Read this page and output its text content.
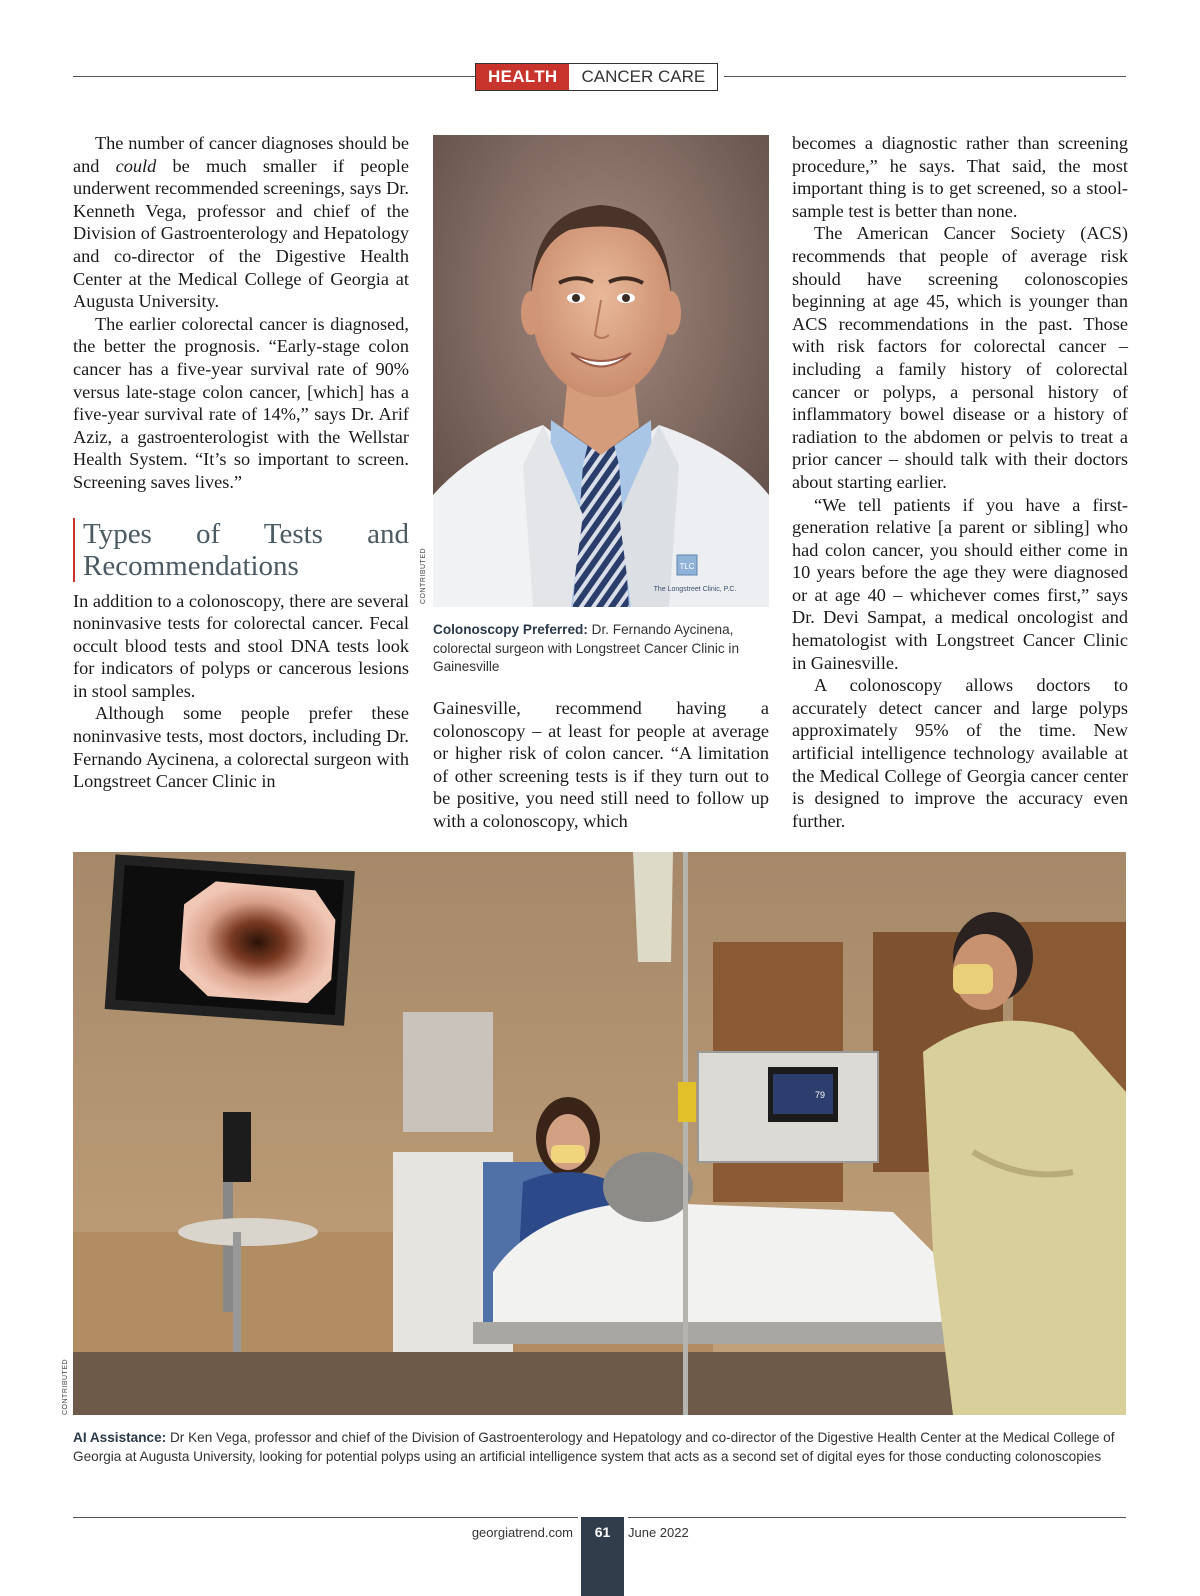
HEALTH	CANCER CARE

The number of cancer diagnoses should be and could be much smaller if people underwent recommended screenings, says Dr. Kenneth Vega, professor and chief of the Division of Gastroenterology and Hepatology and co-director of the Digestive Health Center at the Medical College of Georgia at Augusta University.

The earlier colorectal cancer is diagnosed, the better the prognosis. “Early-stage colon cancer has a five-year survival rate of 90% versus late-stage colon cancer, [which] has a five-year survival rate of 14%,” says Dr. Arif Aziz, a gastroenterologist with the Wellstar Health System. “It’s so important to screen. Screening saves lives.”

Types of Tests and Recommendations

In addition to a colonoscopy, there are several noninvasive tests for colorectal cancer. Fecal occult blood tests and stool DNA tests look for indicators of polyps or cancerous lesions in stool samples.

Although some people prefer these noninvasive tests, most doctors, including Dr. Fernando Aycinena, a colorectal surgeon with Longstreet Cancer Clinic in

TLC
The Longstreet Clinic, P.C.
CONTRIBUTED
Colonoscopy Preferred: Dr. Fernando Aycinena, colorectal surgeon with Longstreet Cancer Clinic in Gainesville

Gainesville, recommend having a colonoscopy – at least for people at average or higher risk of colon cancer. “A limitation of other screening tests is if they turn out to be positive, you need still need to follow up with a colonoscopy, which

becomes a diagnostic rather than screening procedure,” he says. That said, the most important thing is to get screened, so a stool-sample test is better than none.

The American Cancer Society (ACS) recommends that people of average risk should have screening colonoscopies beginning at age 45, which is younger than ACS recommendations in the past. Those with risk factors for colorectal cancer – including a family history of colorectal cancer or polyps, a personal history of inflammatory bowel disease or a history of radiation to the abdomen or pelvis to treat a prior cancer – should talk with their doctors about starting earlier.

“We tell patients if you have a first-generation relative [a parent or sibling] who had colon cancer, you should either come in 10 years before the age they were diagnosed or at age 40 – whichever comes first,” says Dr. Devi Sampat, a medical oncologist and hematologist with Longstreet Cancer Clinic in Gainesville.

A colonoscopy allows doctors to accurately detect cancer and large polyps approximately 95% of the time. New artificial intelligence technology available at the Medical College of Georgia cancer center is designed to improve the accuracy even further.

79
CONTRIBUTED
AI Assistance: Dr Ken Vega, professor and chief of the Division of Gastroenterology and Hepatology and co-director of the Digestive Health Center at the Medical College of Georgia at Augusta University, looking for potential polyps using an artificial intelligence system that acts as a second set of digital eyes for those conducting colonoscopies
georgiatrend.com	61	June 2022
